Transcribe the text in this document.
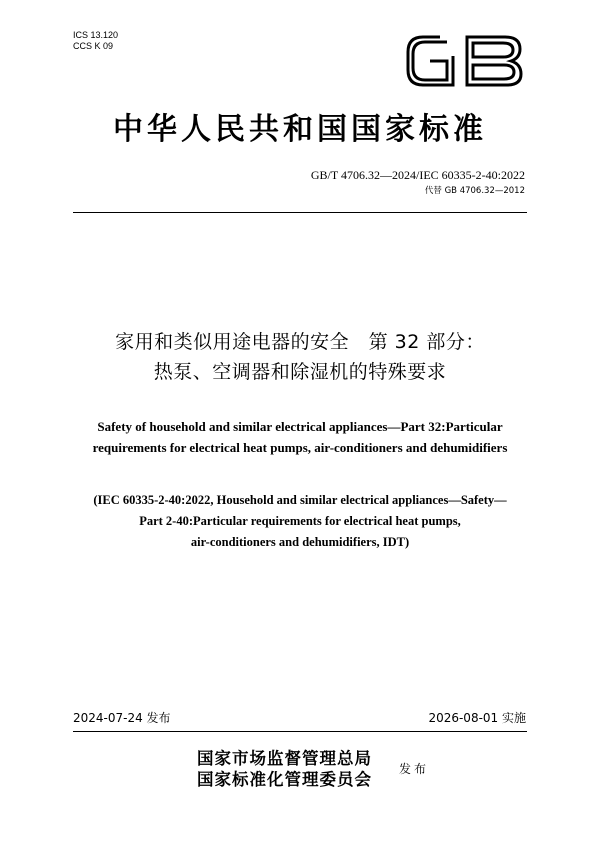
ICS 13.120
CCS K 09
GB
中华人民共和国国家标准
GB/T 4706.32—2024/IEC 60335-2-40:2022
代替 GB 4706.32—2012
家用和类似用途电器的安全　第 32 部分：
热泵、空调器和除湿机的特殊要求
Safety of household and similar electrical appliances—Part 32:Particular
requirements for electrical heat pumps, air-conditioners and dehumidifiers
(IEC 60335-2-40:2022, Household and similar electrical appliances—Safety—
Part 2-40:Particular requirements for electrical heat pumps,
air-conditioners and dehumidifiers, IDT)
2024-07-24 发布	2026-08-01 实施
国家市场监督管理总局
国家标准化管理委员会
发布
